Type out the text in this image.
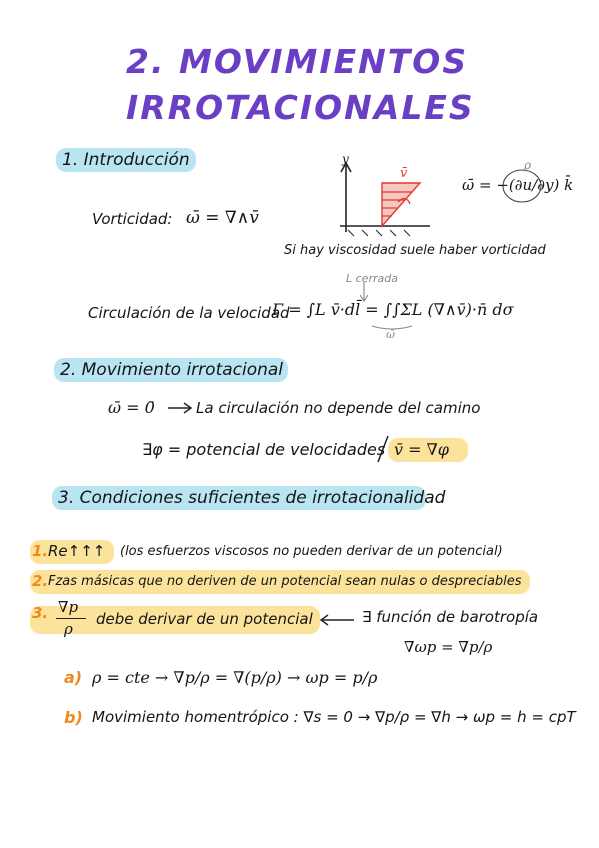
2. MOVIMIENTOS
IRROTACIONALES
1. Introducción
Vorticidad: ω̄ = ∇∧v̄
y
v̄
ρ
ω̄ = −(∂u/∂y) k̄
Si hay viscosidad suele haber vorticidad
L cerrada
Circulación de la velocidad
Γ = ∫L v̄·dl̄ = ∫∫ΣL (∇∧v̄)·n̄ dσ
ω̄
2. Movimiento irrotacional
ω̄ = 0̄	La circulación no depende del camino
∃φ = potencial de velocidades v̄ = ∇φ
3. Condiciones suficientes de irrotacionalidad
1. Re↑↑↑ (los esfuerzos viscosos no pueden derivar de un potencial)
2. Fzas másicas que no deriven de un potencial sean nulas o despreciables
3. ∇p
ρ
debe derivar de un potencial	∃ función de barotropía
∇ωp = ∇p/ρ
a) ρ = cte → ∇p/ρ = ∇(p/ρ) → ωp = p/ρ
b) Movimiento homentrópico : ∇s = 0 → ∇p/ρ = ∇h → ωp = h = cpT
